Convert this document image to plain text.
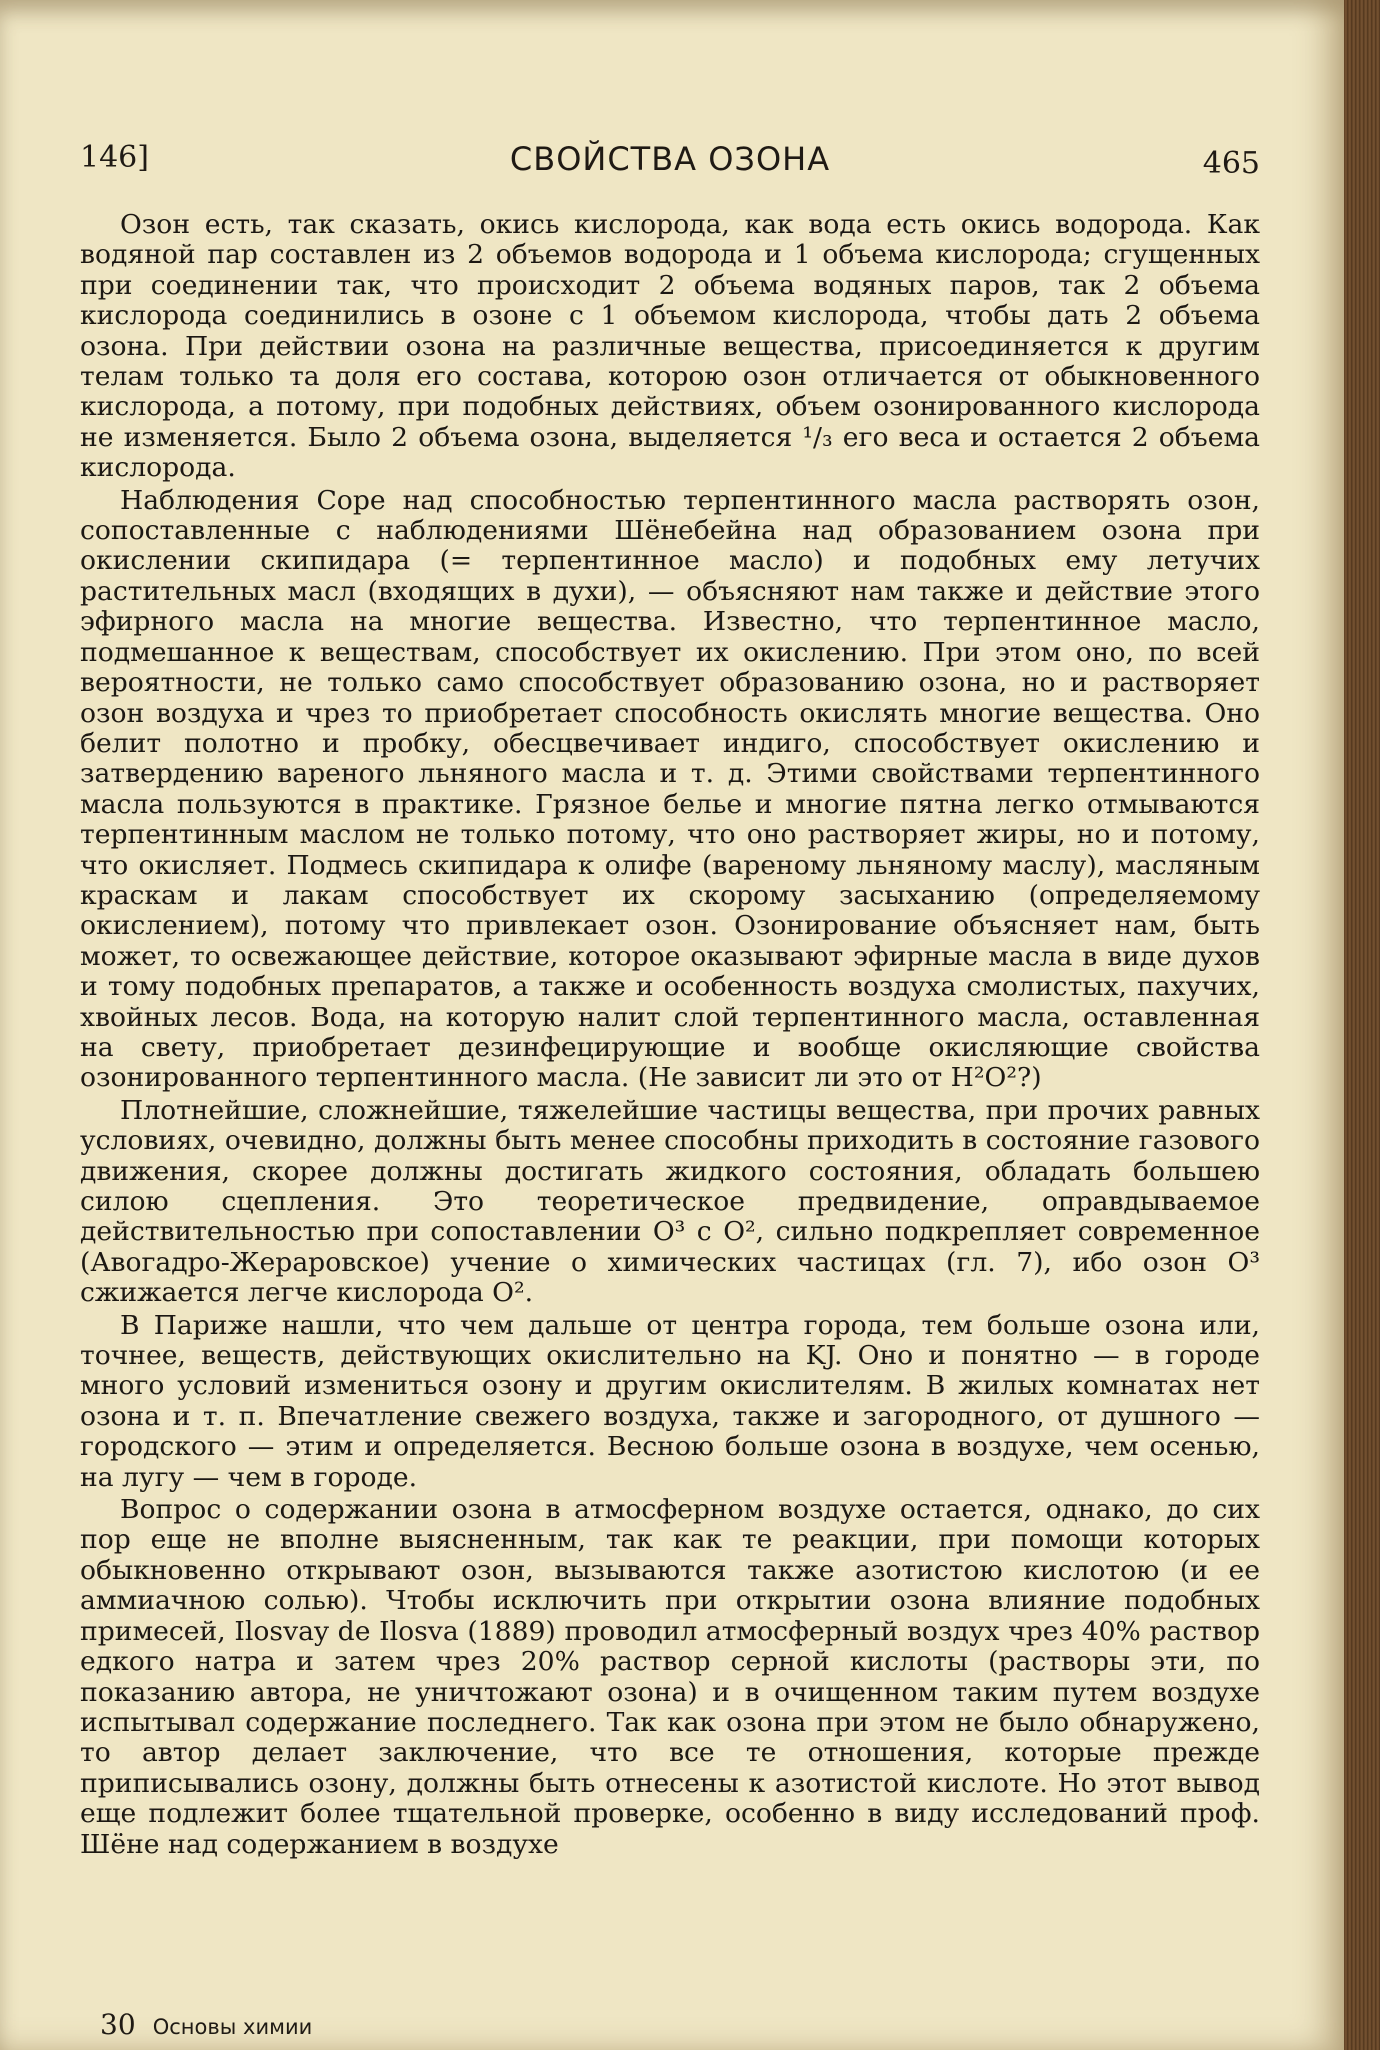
146]	СВОЙСТВА ОЗОНА	465

Озон есть, так сказать, окись кислорода, как вода есть окись водорода. Как водяной пар составлен из 2 объемов водорода и 1 объема кислорода; сгущенных при соединении так, что происходит 2 объема водяных паров, так 2 объема кислорода соединились в озоне с 1 объемом кислорода, чтобы дать 2 объема озона. При действии озона на различные вещества, присоединяется к другим телам только та доля его состава, которою озон отличается от обыкновенного кислорода, а потому, при подобных действиях, объем озонированного кислорода не изменяется. Было 2 объема озона, выделяется ¹/₃ его веса и остается 2 объема кислорода.

Наблюдения Соре над способностью терпентинного масла растворять озон, сопоставленные с наблюдениями Шёнебейна над образованием озона при окислении скипидара (= терпентинное масло) и подобных ему летучих растительных масл (входящих в духи), — объясняют нам также и действие этого эфирного масла на многие вещества. Известно, что терпентинное масло, подмешанное к веществам, способствует их окислению. При этом оно, по всей вероятности, не только само способствует образованию озона, но и растворяет озон воздуха и чрез то приобретает способность окислять многие вещества. Оно белит полотно и пробку, обесцвечивает индиго, способствует окислению и затвердению вареного льняного масла и т. д. Этими свойствами терпентинного масла пользуются в практике. Грязное белье и многие пятна легко отмываются терпентинным маслом не только потому, что оно растворяет жиры, но и потому, что окисляет. Подмесь скипидара к олифе (вареному льняному маслу), масляным краскам и лакам способствует их скорому засыханию (определяемому окислением), потому что привлекает озон. Озонирование объясняет нам, быть может, то освежающее действие, которое оказывают эфирные масла в виде духов и тому подобных препаратов, а также и особенность воздуха смолистых, пахучих, хвойных лесов. Вода, на которую налит слой терпентинного масла, оставленная на свету, приобретает дезинфецирующие и вообще окисляющие свойства озонированного терпентинного масла. (Не зависит ли это от H²O²?)

Плотнейшие, сложнейшие, тяжелейшие частицы вещества, при прочих равных условиях, очевидно, должны быть менее способны приходить в состояние газового движения, скорее должны достигать жидкого состояния, обладать большею силою сцепления. Это теоретическое предвидение, оправдываемое действительностью при сопоставлении O³ с O², сильно подкрепляет современное (Авогадро-Жераровское) учение о химических частицах (гл. 7), ибо озон O³ сжижается легче кислорода O².

В Париже нашли, что чем дальше от центра города, тем больше озона или, точнее, веществ, действующих окислительно на KJ. Оно и понятно — в городе много условий измениться озону и другим окислителям. В жилых комнатах нет озона и т. п. Впечатление свежего воздуха, также и загородного, от душного — городского — этим и определяется. Весною больше озона в воздухе, чем осенью, на лугу — чем в городе.

Вопрос о содержании озона в атмосферном воздухе остается, однако, до сих пор еще не вполне выясненным, так как те реакции, при помощи которых обыкновенно открывают озон, вызываются также азотистою кислотою (и ее аммиачною солью). Чтобы исключить при открытии озона влияние подобных примесей, Ilosvay de Ilosva (1889) проводил атмосферный воздух чрез 40% раствор едкого натра и затем чрез 20% раствор серной кислоты (растворы эти, по показанию автора, не уничтожают озона) и в очищенном таким путем воздухе испытывал содержание последнего. Так как озона при этом не было обнаружено, то автор делает заключение, что все те отношения, которые прежде приписывались озону, должны быть отнесены к азотистой кислоте. Но этот вывод еще подлежит более тщательной проверке, особенно в виду исследований проф. Шёне над содержанием в воздухе

30 Основы химии
